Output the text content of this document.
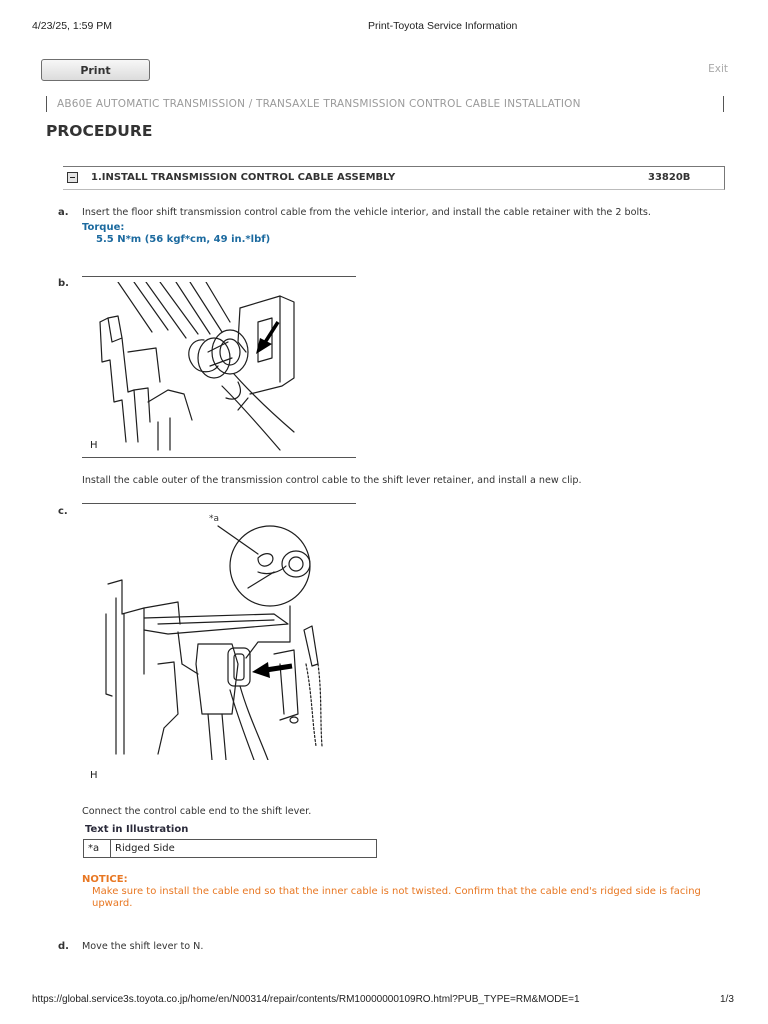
4/23/25, 1:59 PM	Print-Toyota Service Information
Print	Exit
AB60E AUTOMATIC TRANSMISSION / TRANSAXLE TRANSMISSION CONTROL CABLE INSTALLATION
PROCEDURE
1.INSTALL TRANSMISSION CONTROL CABLE ASSEMBLY	33820B
a. Insert the floor shift transmission control cable from the vehicle interior, and install the cable retainer with the 2 bolts.
Torque:
5.5 N*m (56 kgf*cm, 49 in.*lbf)
b.
H
Install the cable outer of the transmission control cable to the shift lever retainer, and install a new clip.
c.
*a
H
Connect the control cable end to the shift lever.
Text in Illustration
*a	Ridged Side
NOTICE:
Make sure to install the cable end so that the inner cable is not twisted. Confirm that the cable end's ridged side is facing upward.
d. Move the shift lever to N.
https://global.service3s.toyota.co.jp/home/en/N00314/repair/contents/RM10000000109RO.html?PUB_TYPE=RM&MODE=1	1/3
